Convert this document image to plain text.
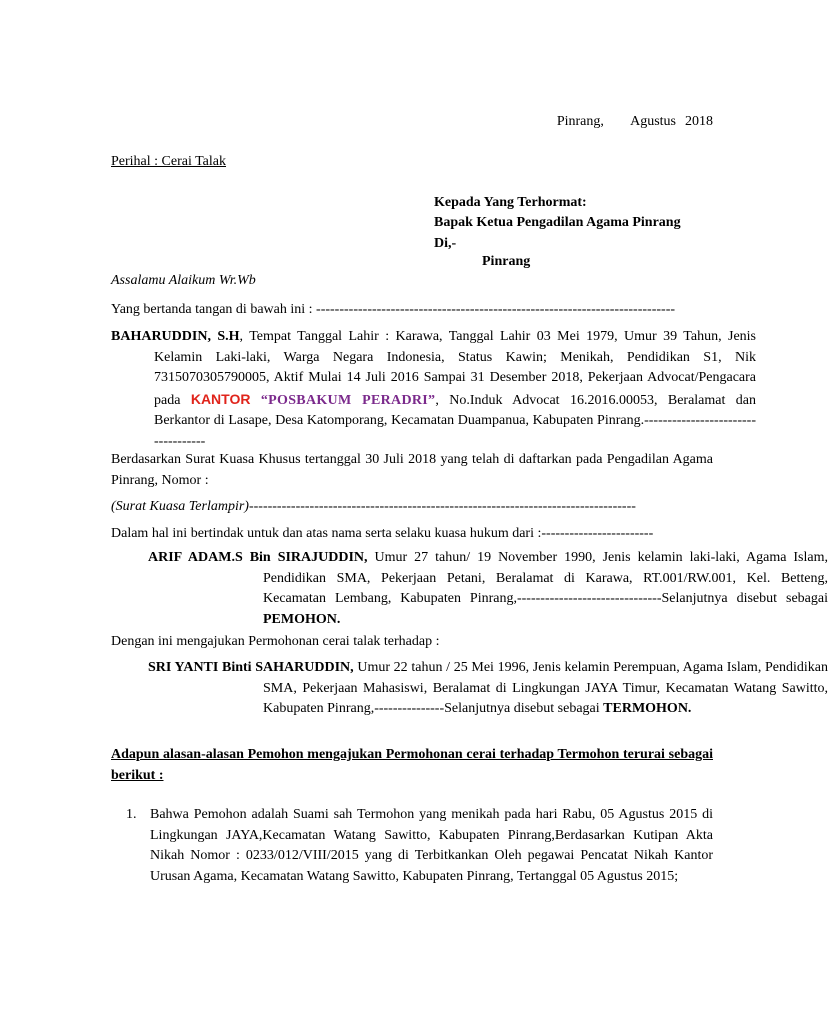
Pinrang,      Agustus  2018
Perihal : Cerai Talak
Kepada Yang Terhormat:
Bapak Ketua Pengadilan Agama Pinrang
Di,-
Pinrang
Assalamu Alaikum Wr.Wb
Yang bertanda tangan di bawah ini : -----------------------------------------------------------------------------
BAHARUDDIN, S.H, Tempat Tanggal Lahir : Karawa, Tanggal Lahir 03 Mei 1979, Umur 39 Tahun, Jenis Kelamin Laki-laki, Warga Negara Indonesia, Status Kawin; Menikah, Pendidikan S1, Nik 7315070305790005, Aktif Mulai 14 Juli 2016 Sampai 31 Desember 2018, Pekerjaan Advocat/Pengacara pada KANTOR “POSBAKUM PERADRI”, No.Induk Advocat 16.2016.00053, Beralamat dan Berkantor di Lasape, Desa Katomporang, Kecamatan Duampanua, Kabupaten Pinrang.-----------------------------------
Berdasarkan Surat Kuasa Khusus tertanggal 30 Juli 2018 yang telah di daftarkan pada Pengadilan Agama Pinrang, Nomor :
(Surat Kuasa Terlampir)-----------------------------------------------------------------------------------
Dalam hal ini bertindak untuk dan atas nama serta selaku kuasa hukum dari :------------------------
ARIF ADAM.S Bin SIRAJUDDIN, Umur 27 tahun/ 19 November 1990, Jenis kelamin laki-laki, Agama Islam, Pendidikan SMA, Pekerjaan Petani, Beralamat di Karawa, RT.001/RW.001, Kel. Betteng, Kecamatan Lembang, Kabupaten Pinrang,-------------------------------Selanjutnya disebut sebagai PEMOHON.
Dengan ini mengajukan Permohonan cerai talak terhadap :
SRI YANTI Binti SAHARUDDIN, Umur 22 tahun / 25 Mei 1996, Jenis kelamin Perempuan, Agama Islam, Pendidikan SMA, Pekerjaan Mahasiswi, Beralamat di Lingkungan JAYA Timur, Kecamatan Watang Sawitto, Kabupaten Pinrang,---------------Selanjutnya disebut sebagai TERMOHON.
Adapun alasan-alasan Pemohon mengajukan Permohonan cerai terhadap Termohon terurai sebagai berikut :
1. Bahwa Pemohon adalah Suami sah Termohon yang menikah pada hari Rabu, 05 Agustus 2015 di Lingkungan JAYA,Kecamatan Watang Sawitto, Kabupaten Pinrang,Berdasarkan Kutipan Akta Nikah Nomor : 0233/012/VIII/2015 yang di Terbitkankan Oleh pegawai Pencatat Nikah Kantor Urusan Agama, Kecamatan Watang Sawitto, Kabupaten Pinrang, Tertanggal 05 Agustus 2015;
